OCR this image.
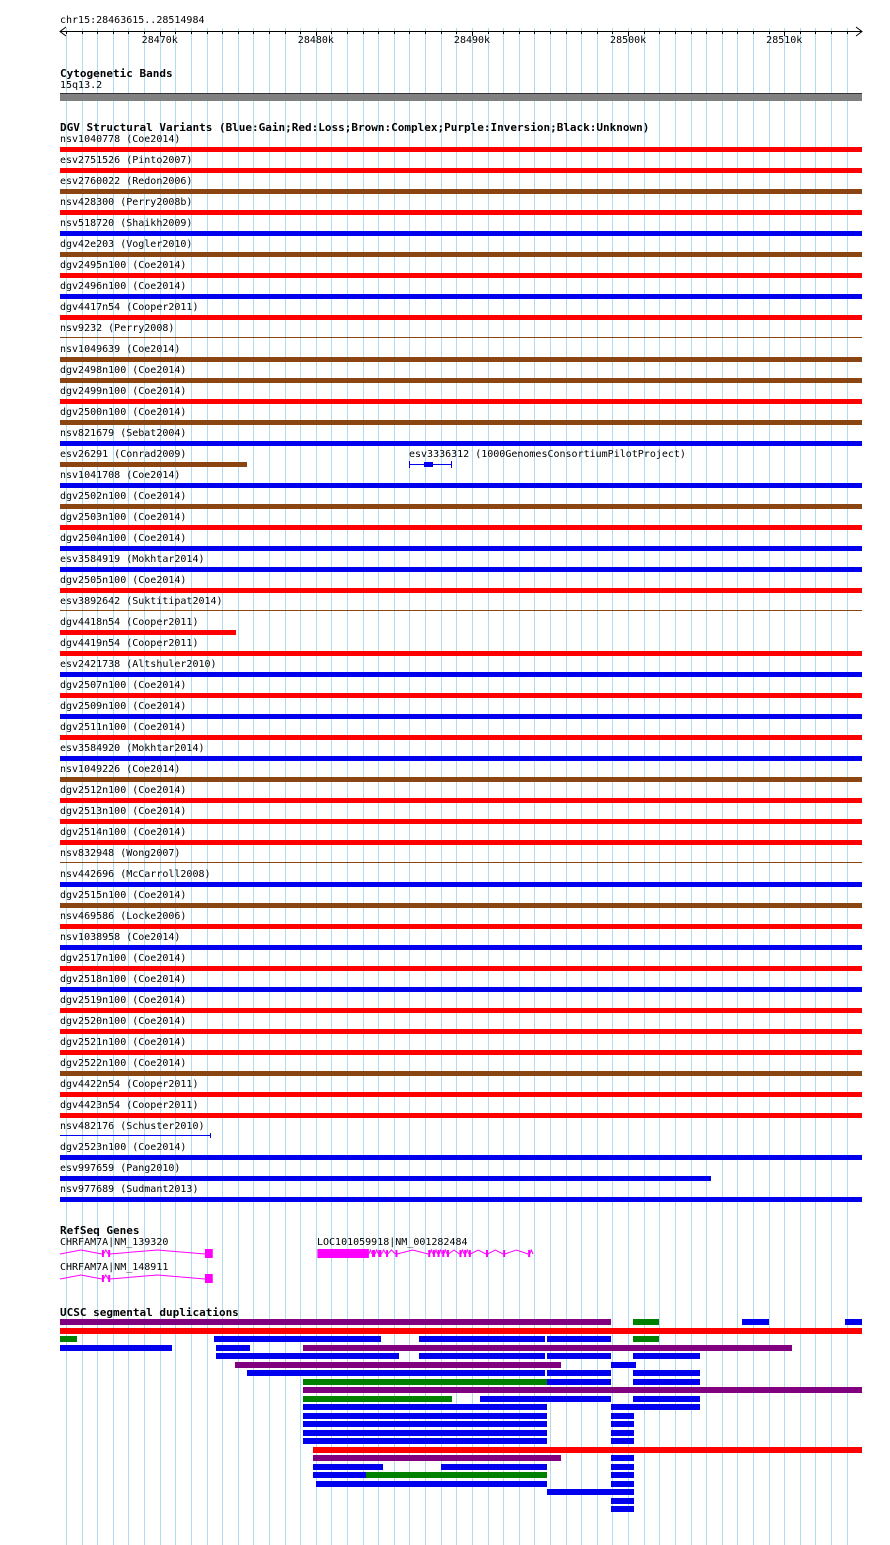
chr15:28463615..28514984
28470k	28480k	28490k	28500k	28510k
Cytogenetic Bands
15q13.2
DGV Structural Variants (Blue:Gain;Red:Loss;Brown:Complex;Purple:Inversion;Black:Unknown)
nsv1040778 (Coe2014)
esv2751526 (Pinto2007)
esv2760022 (Redon2006)
nsv428300 (Perry2008b)
nsv518720 (Shaikh2009)
dgv42e203 (Vogler2010)
dgv2495n100 (Coe2014)
dgv2496n100 (Coe2014)
dgv4417n54 (Cooper2011)
nsv9232 (Perry2008)
nsv1049639 (Coe2014)
dgv2498n100 (Coe2014)
dgv2499n100 (Coe2014)
dgv2500n100 (Coe2014)
nsv821679 (Sebat2004)
esv26291 (Conrad2009)	esv3336312 (1000GenomesConsortiumPilotProject)
nsv1041708 (Coe2014)
dgv2502n100 (Coe2014)
dgv2503n100 (Coe2014)
dgv2504n100 (Coe2014)
esv3584919 (Mokhtar2014)
dgv2505n100 (Coe2014)
esv3892642 (Suktitipat2014)
dgv4418n54 (Cooper2011)
dgv4419n54 (Cooper2011)
esv2421738 (Altshuler2010)
dgv2507n100 (Coe2014)
dgv2509n100 (Coe2014)
dgv2511n100 (Coe2014)
esv3584920 (Mokhtar2014)
nsv1049226 (Coe2014)
dgv2512n100 (Coe2014)
dgv2513n100 (Coe2014)
dgv2514n100 (Coe2014)
nsv832948 (Wong2007)
nsv442696 (McCarroll2008)
dgv2515n100 (Coe2014)
nsv469586 (Locke2006)
nsv1038958 (Coe2014)
dgv2517n100 (Coe2014)
dgv2518n100 (Coe2014)
dgv2519n100 (Coe2014)
dgv2520n100 (Coe2014)
dgv2521n100 (Coe2014)
dgv2522n100 (Coe2014)
dgv4422n54 (Cooper2011)
dgv4423n54 (Cooper2011)
nsv482176 (Schuster2010)
dgv2523n100 (Coe2014)
esv997659 (Pang2010)
nsv977689 (Sudmant2013)
RefSeq Genes
CHRFAM7A|NM_139320
CHRFAM7A|NM_148911
LOC101059918|NM_001282484
UCSC segmental duplications
